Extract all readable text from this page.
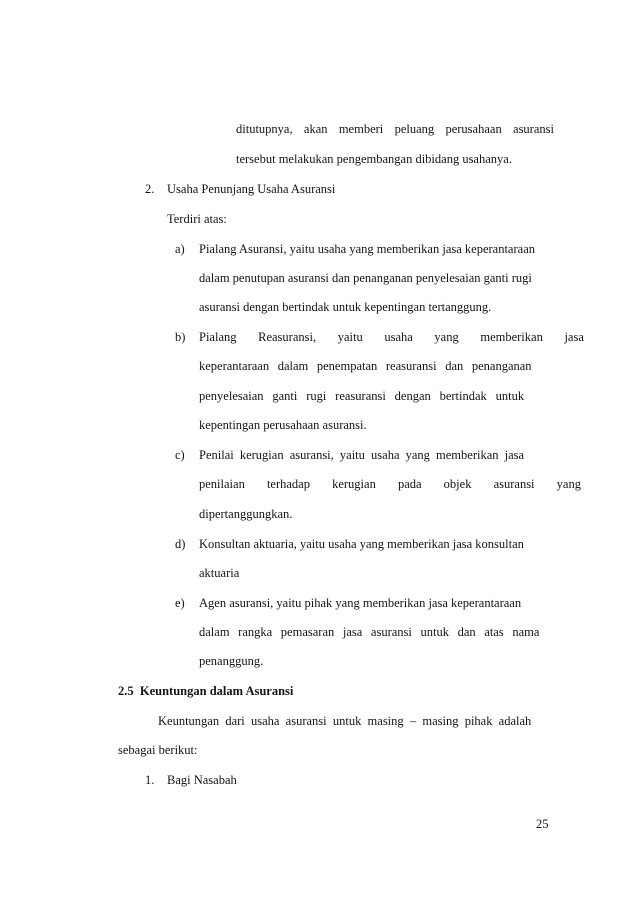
ditutupnya, akan memberi peluang perusahaan asuransi
tersebut melakukan pengembangan dibidang usahanya.
2. Usaha Penunjang Usaha Asuransi
Terdiri atas:
a) Pialang Asuransi, yaitu usaha yang memberikan jasa keperantaraan
dalam penutupan asuransi dan penanganan penyelesaian ganti rugi
asuransi dengan bertindak untuk kepentingan tertanggung.
b) Pialang Reasuransi, yaitu usaha yang memberikan jasa
keperantaraan dalam penempatan reasuransi dan penanganan
penyelesaian ganti rugi reasuransi dengan bertindak untuk
kepentingan perusahaan asuransi.
c) Penilai kerugian asuransi, yaitu usaha yang memberikan jasa
penilaian terhadap kerugian pada objek asuransi yang
dipertanggungkan.
d) Konsultan aktuaria, yaitu usaha yang memberikan jasa konsultan
aktuaria
e) Agen asuransi, yaitu pihak yang memberikan jasa keperantaraan
dalam rangka pemasaran jasa asuransi untuk dan atas nama
penanggung.
2.5  Keuntungan dalam Asuransi
Keuntungan dari usaha asuransi untuk masing – masing pihak adalah
sebagai berikut:
1. Bagi Nasabah
25
